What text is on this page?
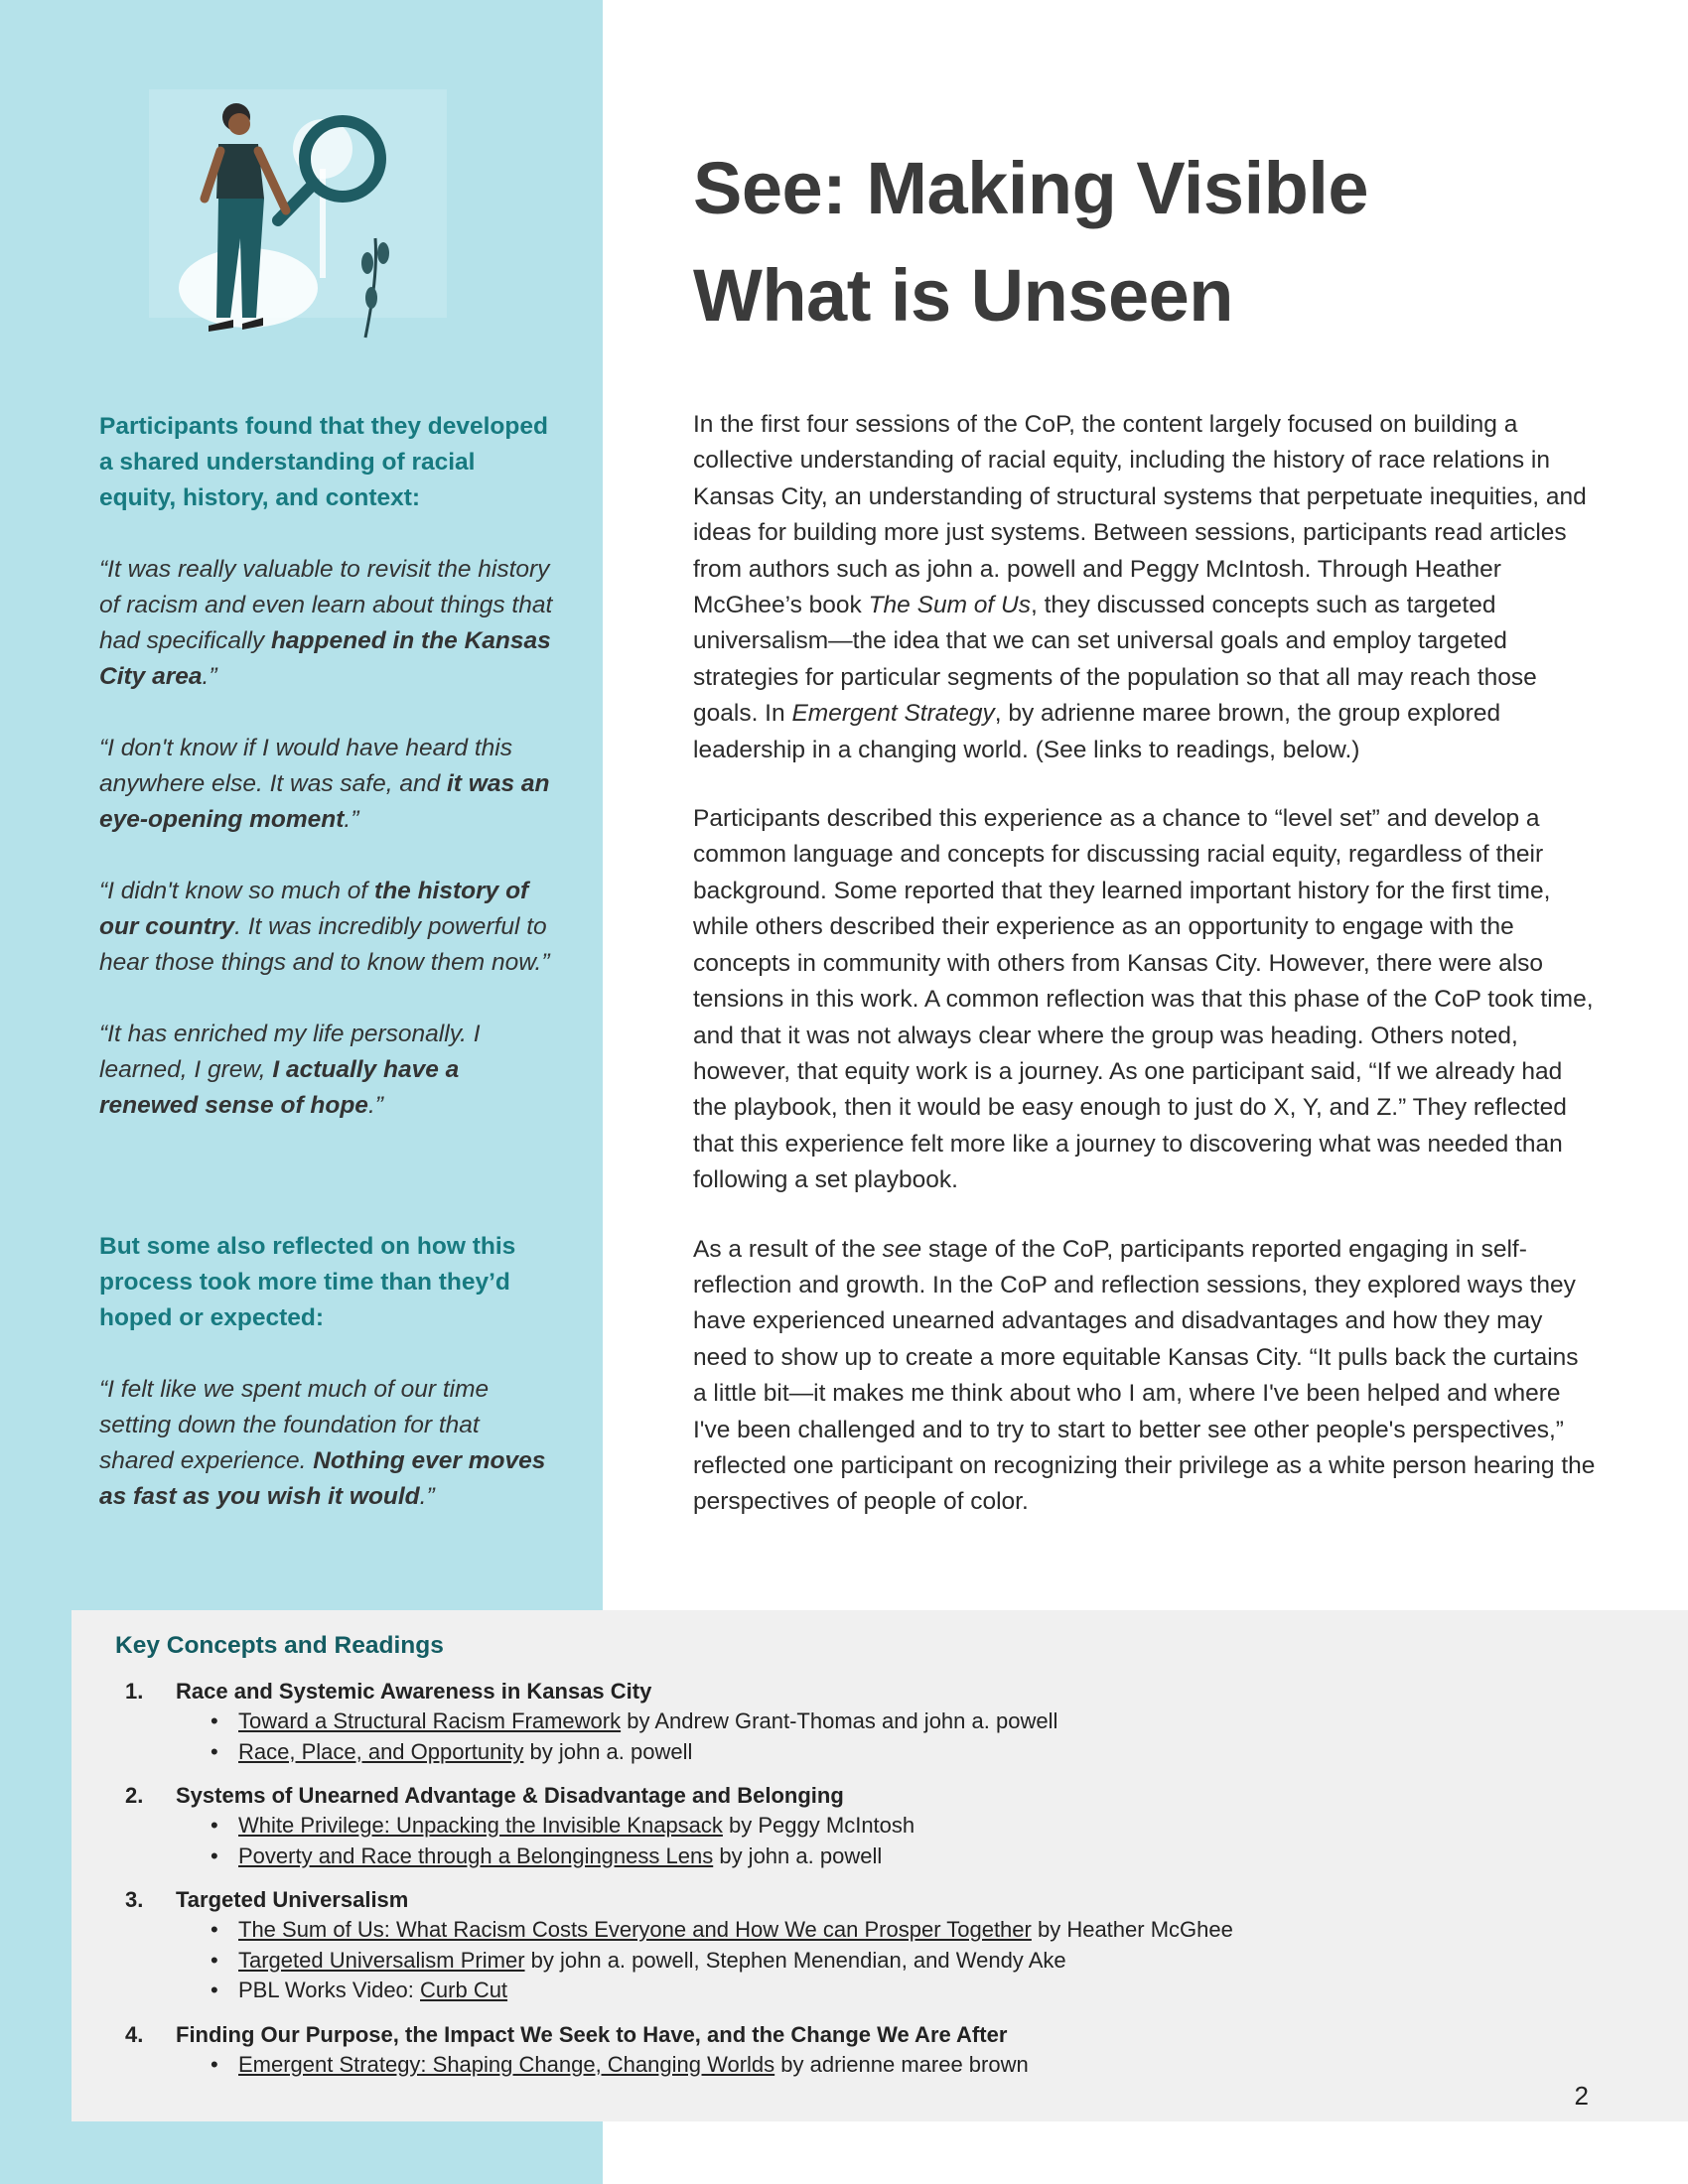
Participants found that they developed a shared understanding of racial equity, history, and context:

“It was really valuable to revisit the history of racism and even learn about things that had specifically happened in the Kansas City area.”

“I don't know if I would have heard this anywhere else. It was safe, and it was an eye-opening moment.”

“I didn't know so much of the history of our country. It was incredibly powerful to hear those things and to know them now.”

“It has enriched my life personally. I learned, I grew, I actually have a renewed sense of hope.”

But some also reflected on how this process took more time than they’d hoped or expected:

“I felt like we spent much of our time setting down the foundation for that shared experience. Nothing ever moves as fast as you wish it would.”

See: Making Visible
What is Unseen

In the first four sessions of the CoP, the content largely focused on building a collective understanding of racial equity, including the history of race relations in Kansas City, an understanding of structural systems that perpetuate inequities, and ideas for building more just systems. Between sessions, participants read articles from authors such as john a. powell and Peggy McIntosh. Through Heather McGhee’s book The Sum of Us, they discussed concepts such as targeted universalism—the idea that we can set universal goals and employ targeted strategies for particular segments of the population so that all may reach those goals. In Emergent Strategy, by adrienne maree brown, the group explored leadership in a changing world. (See links to readings, below.)

Participants described this experience as a chance to “level set” and develop a common language and concepts for discussing racial equity, regardless of their background. Some reported that they learned important history for the first time, while others described their experience as an opportunity to engage with the concepts in community with others from Kansas City. However, there were also tensions in this work. A common reflection was that this phase of the CoP took time, and that it was not always clear where the group was heading. Others noted, however, that equity work is a journey. As one participant said, “If we already had the playbook, then it would be easy enough to just do X, Y, and Z.” They reflected that this experience felt more like a journey to discovering what was needed than following a set playbook.

As a result of the see stage of the CoP, participants reported engaging in self-reflection and growth. In the CoP and reflection sessions, they explored ways they have experienced unearned advantages and disadvantages and how they may need to show up to create a more equitable Kansas City. “It pulls back the curtains a little bit—it makes me think about who I am, where I've been helped and where I've been challenged and to try to start to better see other people's perspectives,” reflected one participant on recognizing their privilege as a white person hearing the perspectives of people of color.

Key Concepts and Readings

1. Race and Systemic Awareness in Kansas City
• Toward a Structural Racism Framework by Andrew Grant-Thomas and john a. powell
• Race, Place, and Opportunity by john a. powell
2. Systems of Unearned Advantage & Disadvantage and Belonging
• White Privilege: Unpacking the Invisible Knapsack by Peggy McIntosh
• Poverty and Race through a Belongingness Lens by john a. powell
3. Targeted Universalism
• The Sum of Us: What Racism Costs Everyone and How We can Prosper Together by Heather McGhee
• Targeted Universalism Primer by john a. powell, Stephen Menendian, and Wendy Ake
• PBL Works Video: Curb Cut
4. Finding Our Purpose, the Impact We Seek to Have, and the Change We Are After
• Emergent Strategy: Shaping Change, Changing Worlds by adrienne maree brown
2
